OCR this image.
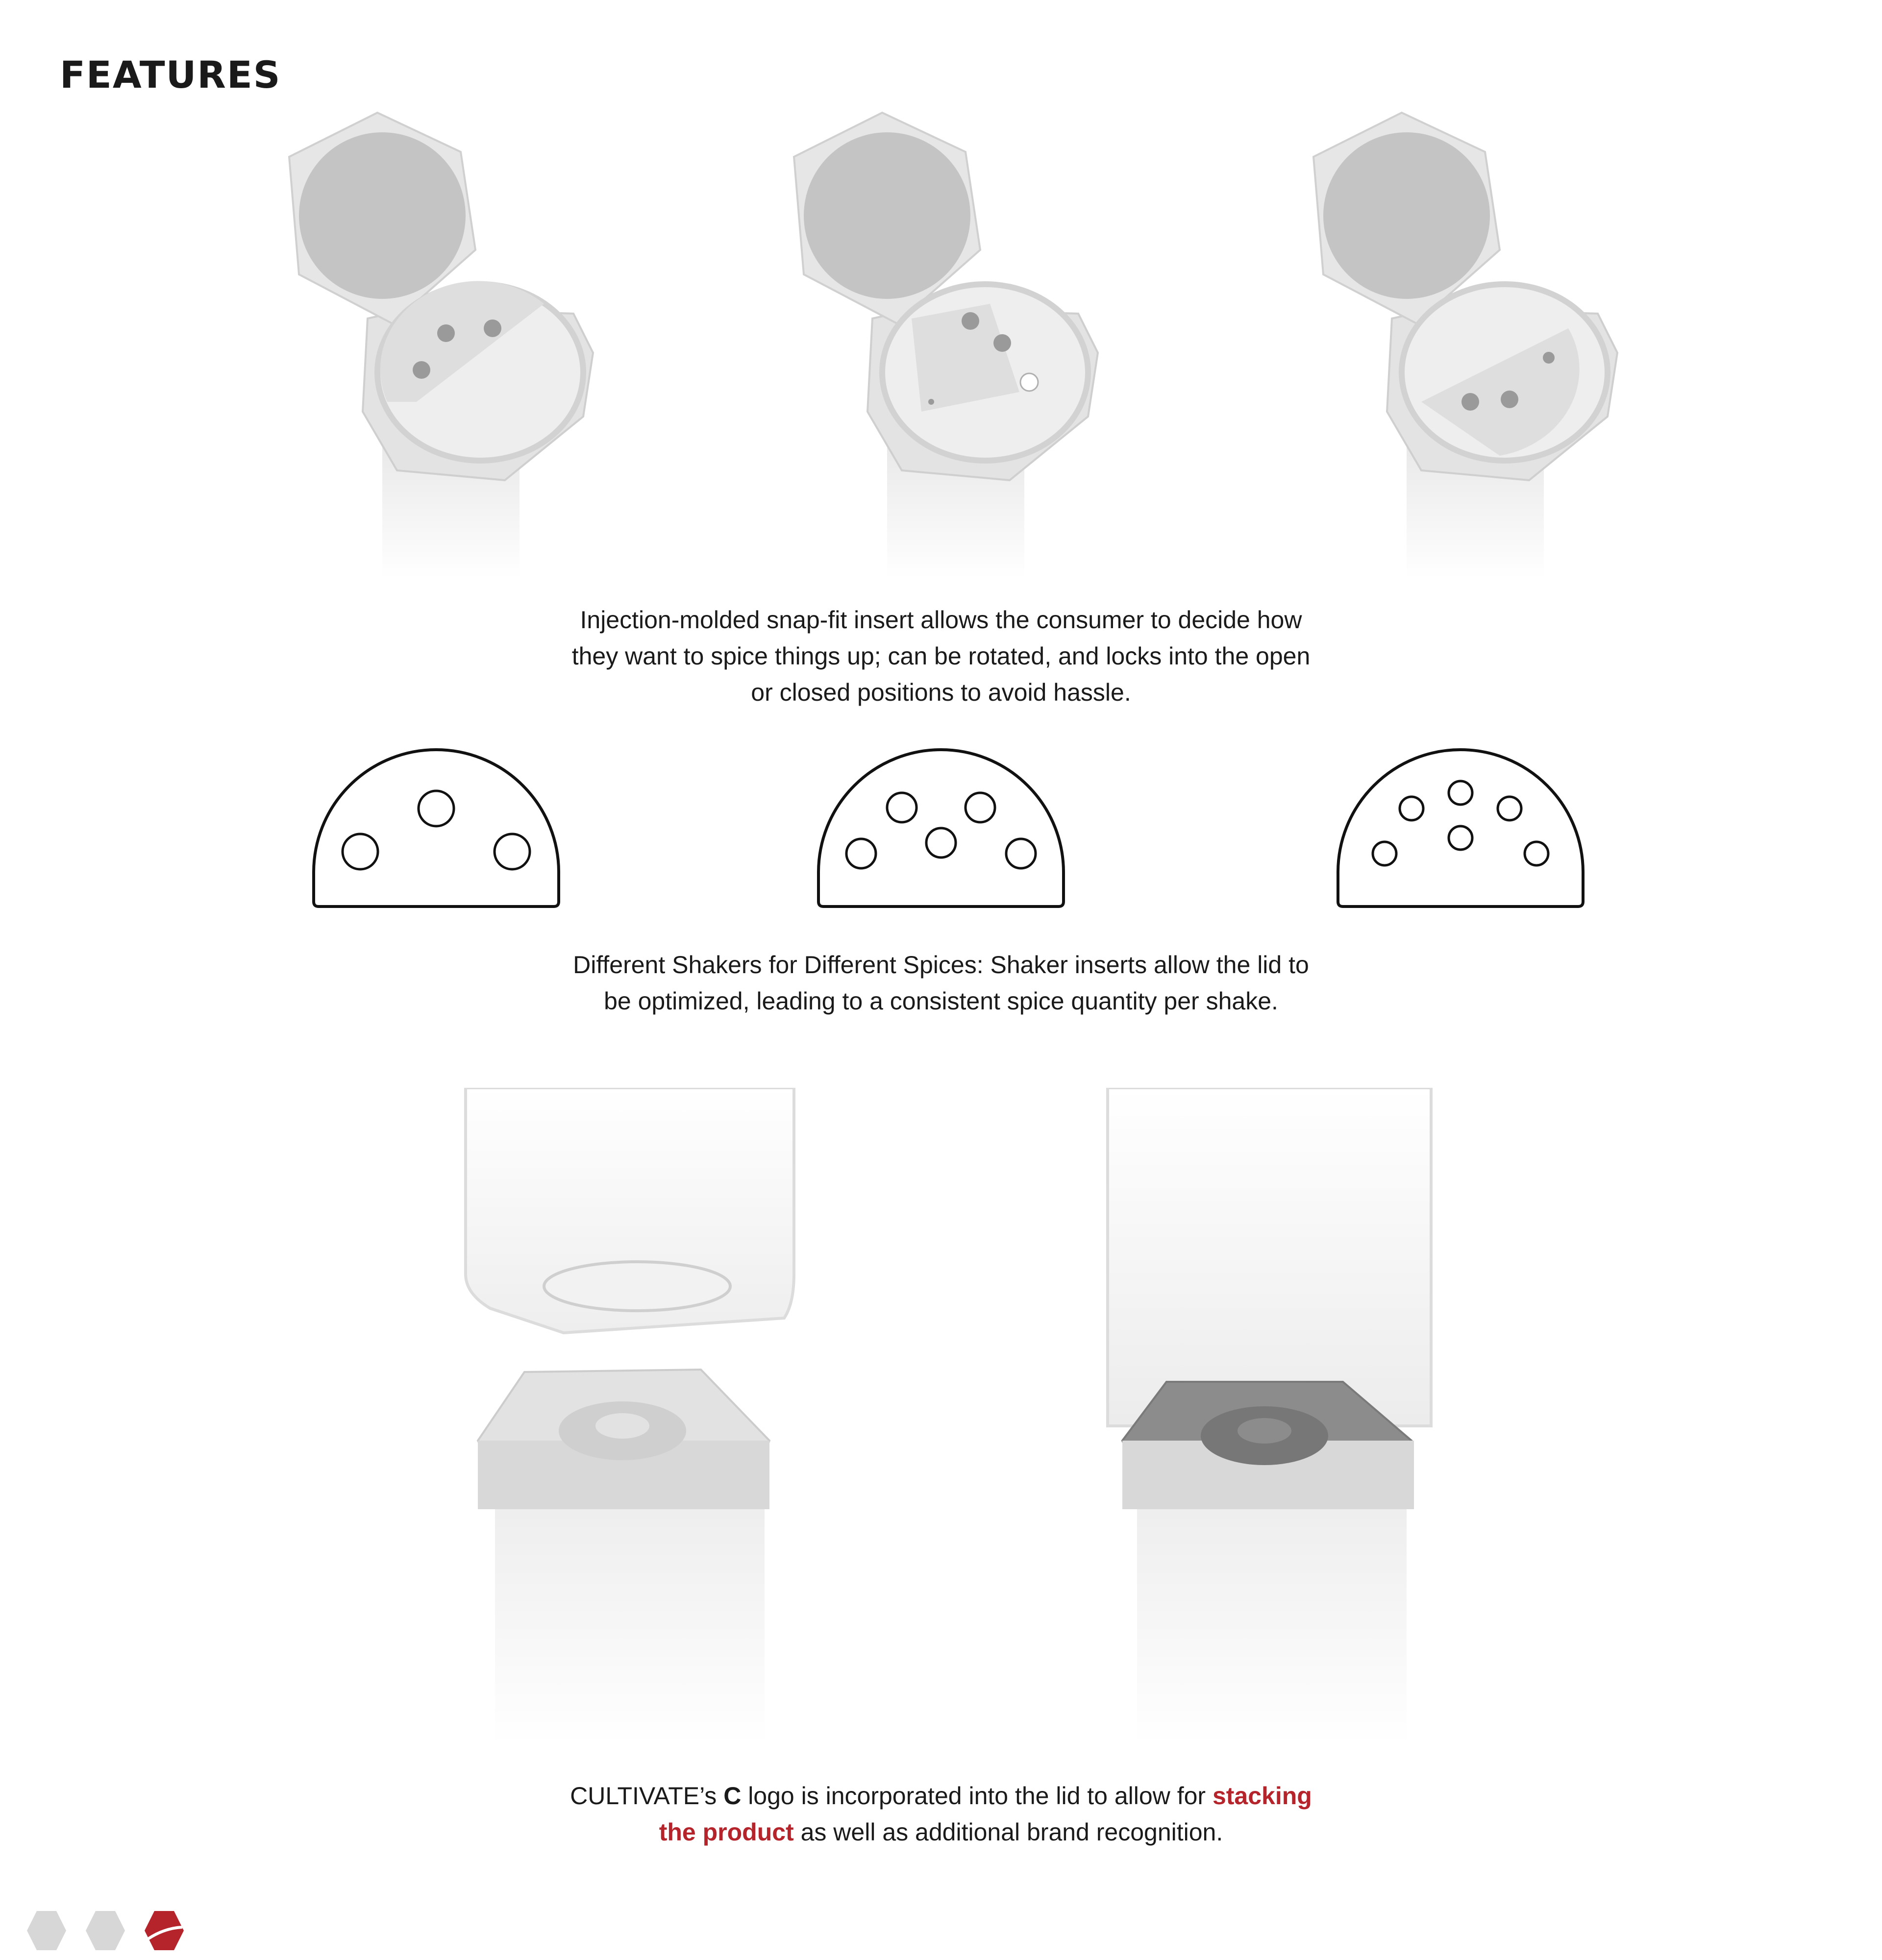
FEATURES
Injection-molded snap-fit insert allows the consumer to decide how
they want to spice things up; can be rotated, and locks into the open
or closed positions to avoid hassle.
Different Shakers for Different Spices: Shaker inserts allow the lid to
be optimized, leading to a consistent spice quantity per shake.
CULTIVATE’s C logo is incorporated into the lid to allow for stacking
the product as well as additional brand recognition.
